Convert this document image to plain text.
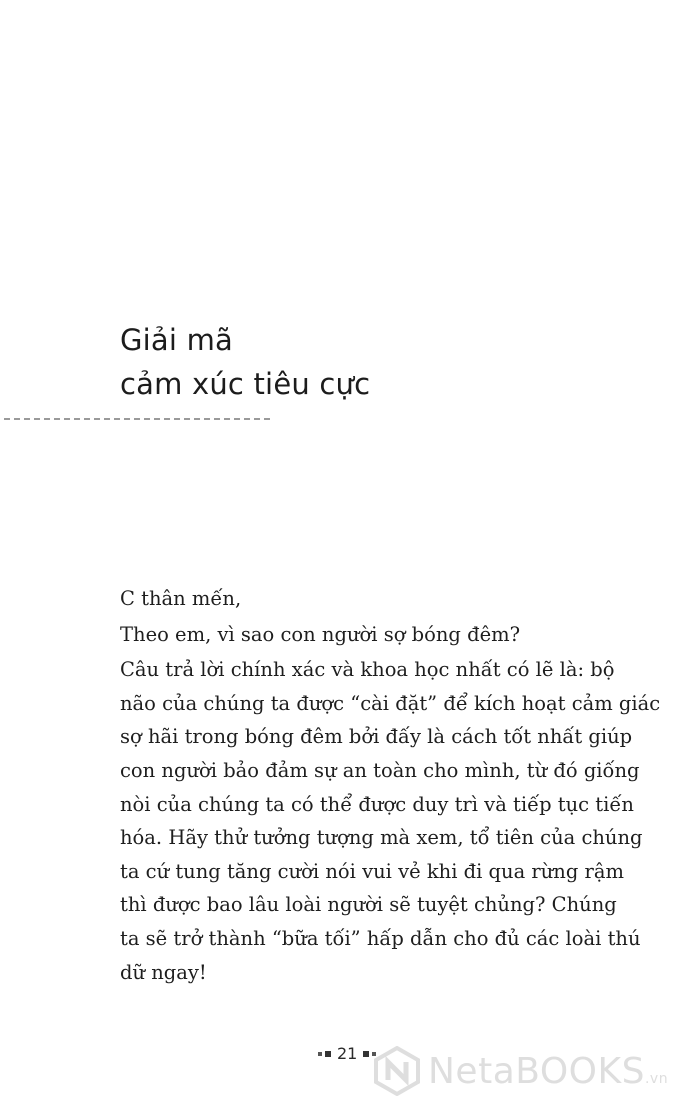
Giải mã
cảm xúc tiêu cực

C thân mến,

Theo em, vì sao con người sợ bóng đêm?

Câu trả lời chính xác và khoa học nhất có lẽ là: bộ
não của chúng ta được “cài đặt” để kích hoạt cảm giác
sợ hãi trong bóng đêm bởi đấy là cách tốt nhất giúp
con người bảo đảm sự an toàn cho mình, từ đó giống
nòi của chúng ta có thể được duy trì và tiếp tục tiến
hóa. Hãy thử tưởng tượng mà xem, tổ tiên của chúng
ta cứ tung tăng cười nói vui vẻ khi đi qua rừng rậm
thì được bao lâu loài người sẽ tuyệt chủng? Chúng
ta sẽ trở thành “bữa tối” hấp dẫn cho đủ các loài thú
dữ ngay!

21 NetaBOOKS.vn
